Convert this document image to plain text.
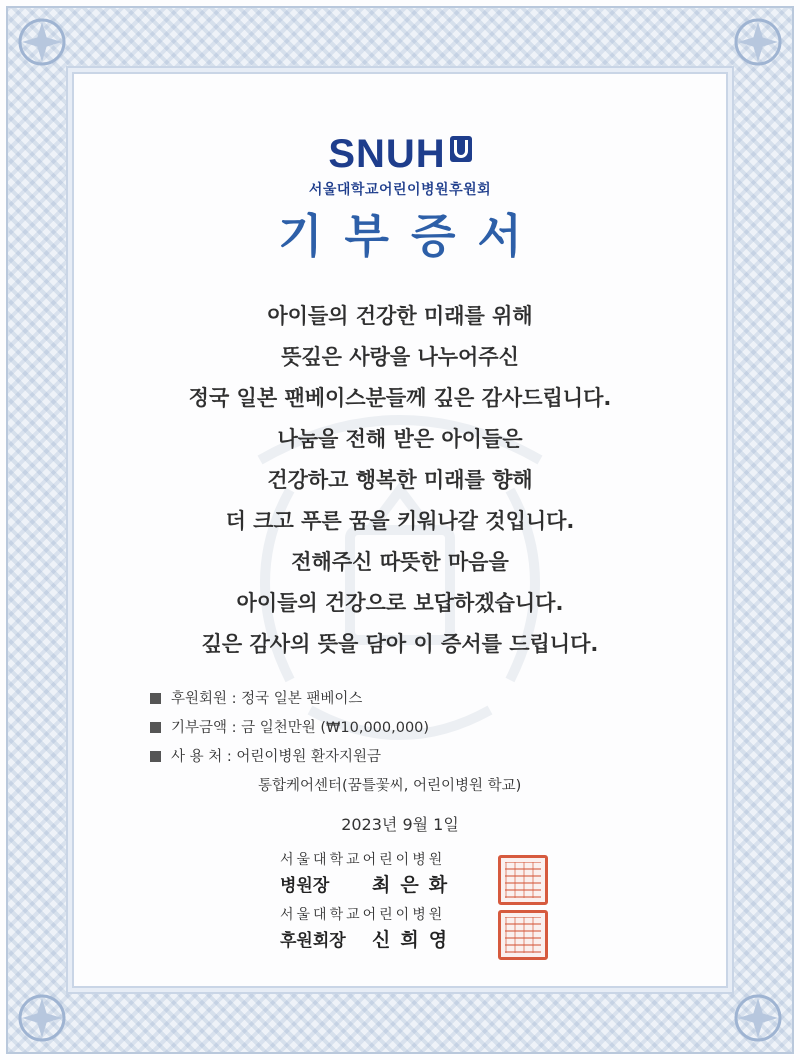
SNUH
서울대학교어린이병원후원회
기부증서
아이들의 건강한 미래를 위해
뜻깊은 사랑을 나누어주신
정국 일본 팬베이스분들께 깊은 감사드립니다.
나눔을 전해 받은 아이들은
건강하고 행복한 미래를 향해
더 크고 푸른 꿈을 키워나갈 것입니다.
전해주신 따뜻한 마음을
아이들의 건강으로 보답하겠습니다.
깊은 감사의 뜻을 담아 이 증서를 드립니다.
후원회원 : 정국 일본 팬베이스
기부금액 : 금 일천만원 (₩10,000,000)
사 용 처 : 어린이병원 환자지원금
통합케어센터(꿈틀꽃씨, 어린이병원 학교)
2023년 9월 1일
서울대학교어린이병원
병원장	최은화
서울대학교어린이병원
후원회장	신희영
